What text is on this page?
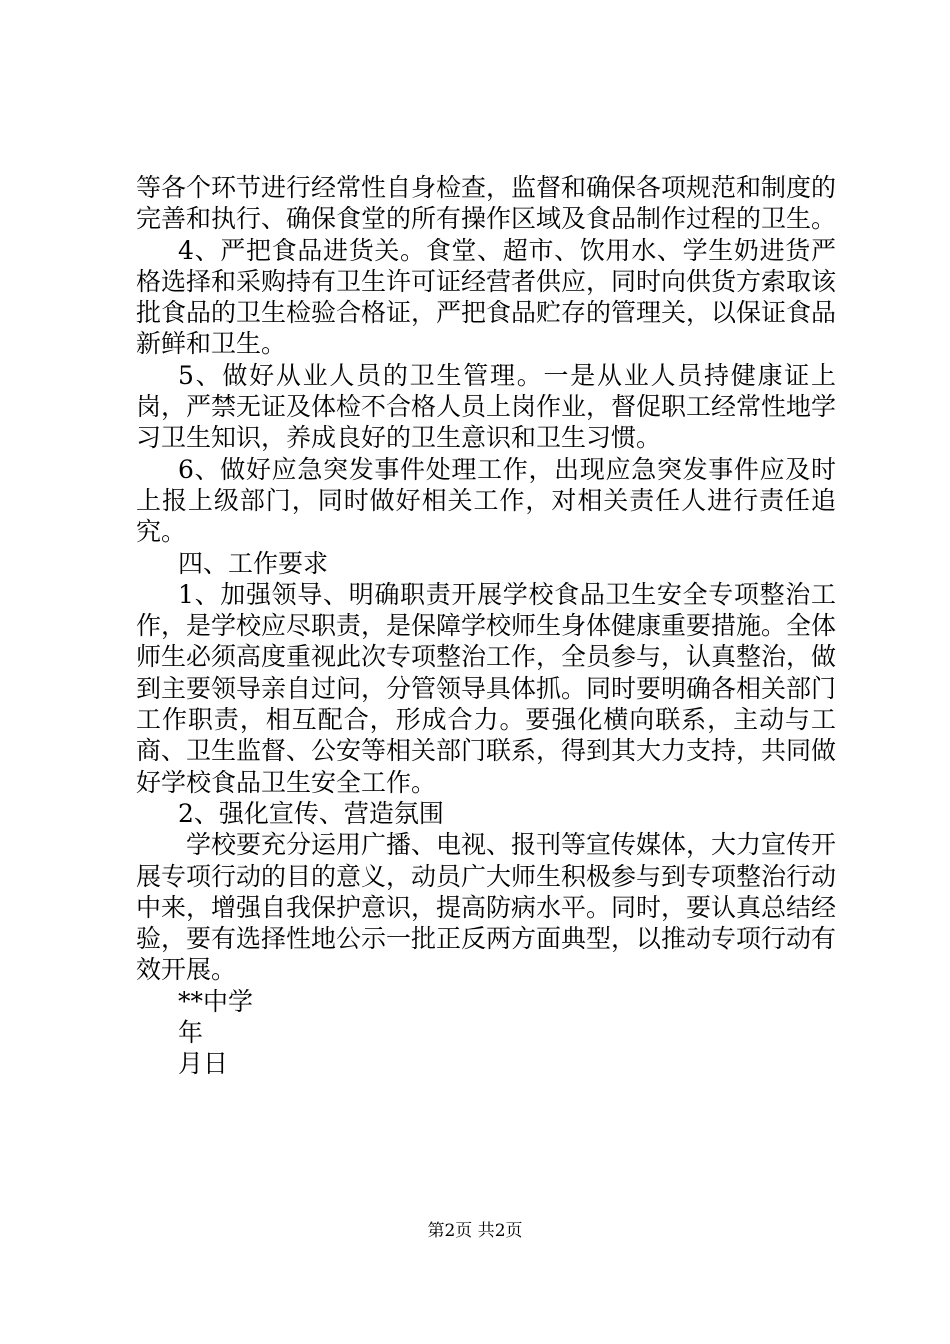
等各个环节进行经常性自身检查，监督和确保各项规范和制度的完善和执行、确保食堂的所有操作区域及食品制作过程的卫生。

4、严把食品进货关。食堂、超市、饮用水、学生奶进货严格选择和采购持有卫生许可证经营者供应，同时向供货方索取该批食品的卫生检验合格证，严把食品贮存的管理关，以保证食品新鲜和卫生。

5、做好从业人员的卫生管理。一是从业人员持健康证上岗，严禁无证及体检不合格人员上岗作业，督促职工经常性地学习卫生知识，养成良好的卫生意识和卫生习惯。

6、做好应急突发事件处理工作，出现应急突发事件应及时上报上级部门，同时做好相关工作，对相关责任人进行责任追究。

四、工作要求

1、加强领导、明确职责开展学校食品卫生安全专项整治工作，是学校应尽职责，是保障学校师生身体健康重要措施。全体师生必须高度重视此次专项整治工作，全员参与，认真整治，做到主要领导亲自过问，分管领导具体抓。同时要明确各相关部门工作职责，相互配合，形成合力。要强化横向联系，主动与工商、卫生监督、公安等相关部门联系，得到其大力支持，共同做好学校食品卫生安全工作。

2、强化宣传、营造氛围

学校要充分运用广播、电视、报刊等宣传媒体，大力宣传开展专项行动的目的意义，动员广大师生积极参与到专项整治行动中来，增强自我保护意识，提高防病水平。同时，要认真总结经验，要有选择性地公示一批正反两方面典型，以推动专项行动有效开展。

**中学

年

月日

第2页 共2页
